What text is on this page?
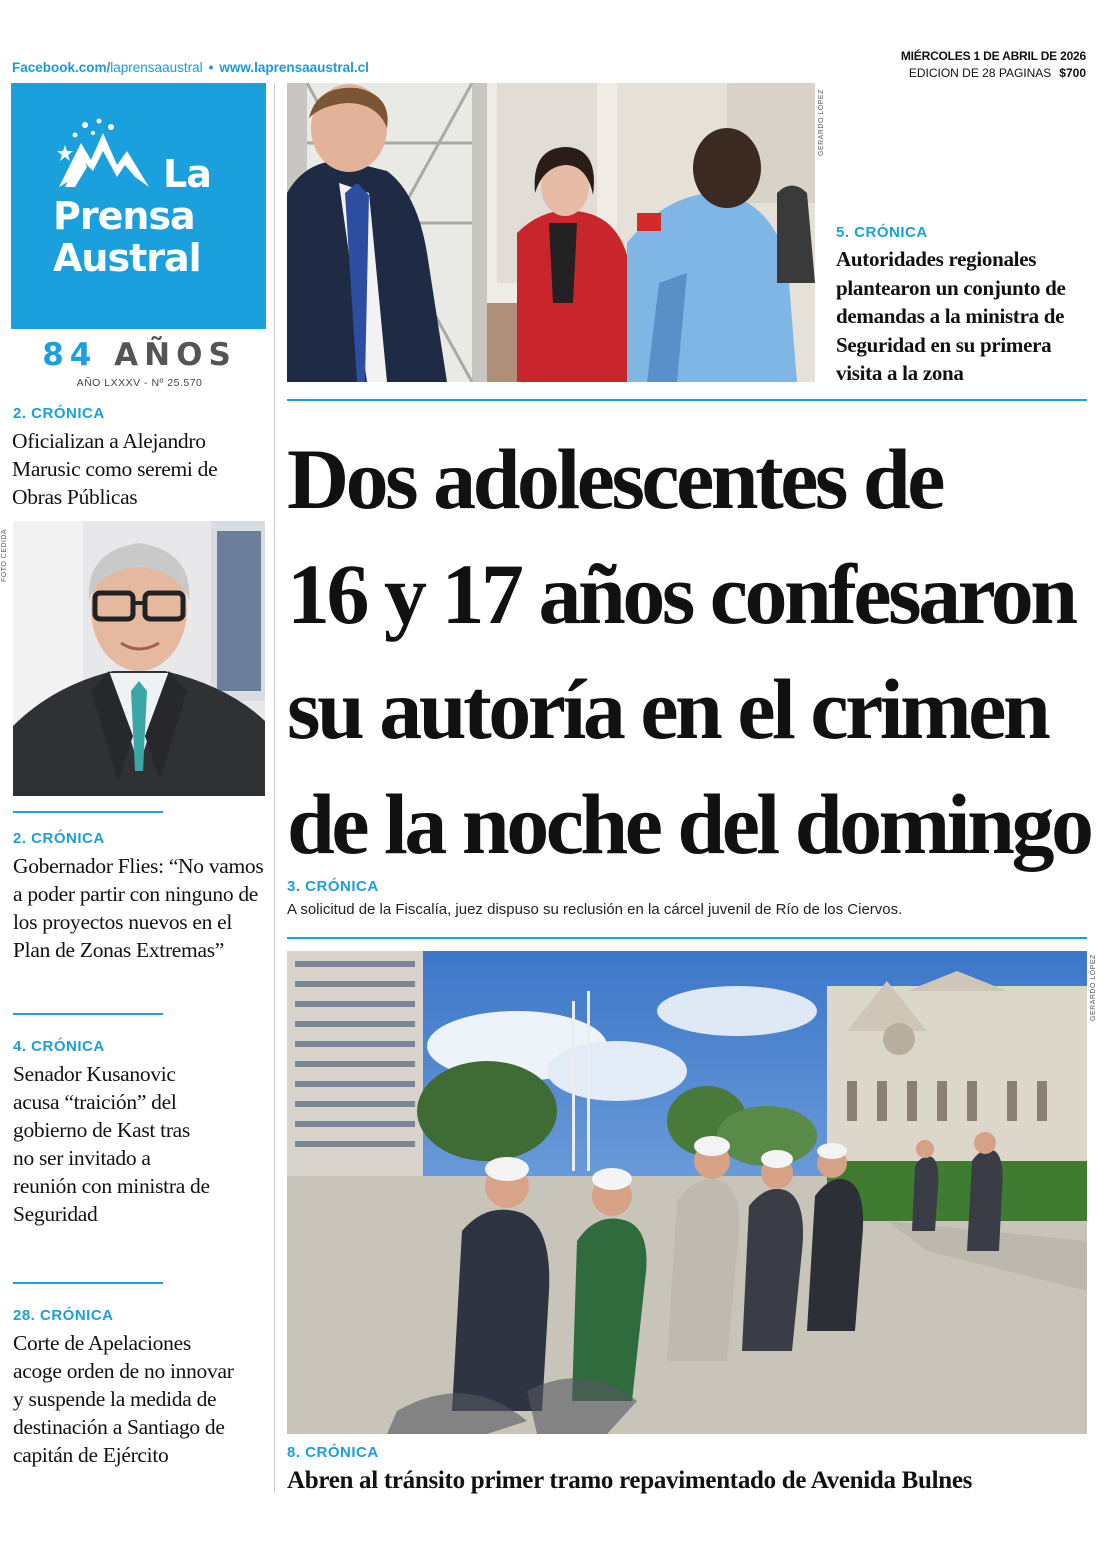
Facebook.com/laprensaaustral • www.laprensaaustral.cl
MIÉRCOLES 1 DE ABRIL DE 2026
EDICION DE 28 PAGINAS $700
La
Prensa
Austral
84 AÑOS
AÑO LXXXV - Nº 25.570
2. CRÓNICA
Oficializan a Alejandro Marusic como seremi de Obras Públicas
FOTO CEDIDA
2. CRÓNICA
Gobernador Flies: “No vamos a poder partir con ninguno de los proyectos nuevos en el Plan de Zonas Extremas”
4. CRÓNICA
Senador Kusanovic acusa “traición” del gobierno de Kast tras no ser invitado a reunión con ministra de Seguridad
28. CRÓNICA
Corte de Apelaciones acoge orden de no innovar y suspende la medida de destinación a Santiago de capitán de Ejército
GERARDO LÓPEZ
5. CRÓNICA
Autoridades regionales plantearon un conjunto de demandas a la ministra de Seguridad en su primera visita a la zona
Dos adolescentes de
16 y 17 años confesaron
su autoría en el crimen
de la noche del domingo
3. CRÓNICA
A solicitud de la Fiscalía, juez dispuso su reclusión en la cárcel juvenil de Río de los Ciervos.
GERARDO LÓPEZ
8. CRÓNICA
Abren al tránsito primer tramo repavimentado de Avenida Bulnes
